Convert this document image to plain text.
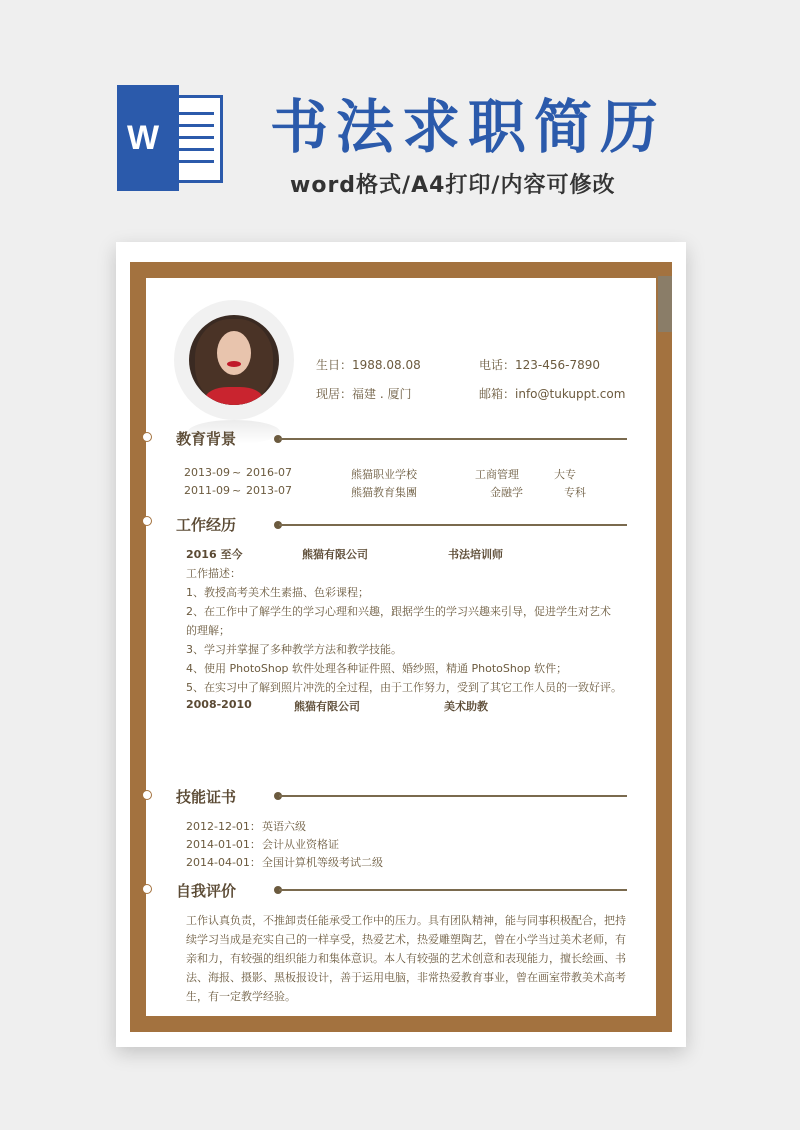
W 书法求职简历
word格式/A4打印/内容可修改
生日：1988.08.08	电话：123-456-7890
现居：福建 . 厦门	邮箱：info@tukuppt.com
教育背景
2013-09 ~ 2016-07	熊猫职业学校	工商管理	大专
2011-09 ~ 2013-07	熊猫教育集團	金融学	专科
工作经历
2016 至今	熊猫有限公司	书法培训师
工作描述：
1、教授高考美术生素描、色彩课程；
2、在工作中了解学生的学习心理和兴趣，跟据学生的学习兴趣来引导，促进学生对艺术
的理解；
3、学习并掌握了多种教学方法和教学技能。
4、使用 PhotoShop 软件处理各种证件照、婚纱照，精通 PhotoShop 软件；
5、在实习中了解到照片冲洗的全过程，由于工作努力，受到了其它工作人员的一致好评。
2008-2010	熊猫有限公司	美术助教
技能证书
2012-12-01： 英语六级
2014-01-01： 会计从业资格证
2014-04-01： 全国计算机等级考试二级
自我评价
工作认真负责，不推卸责任能承受工作中的压力。具有团队精神，能与同事积极配合，把持
续学习当成是充实自己的一样享受，热爱艺术，热爱雕塑陶艺，曾在小学当过美术老师，有
亲和力，有较强的组织能力和集体意识。本人有较强的艺术创意和表现能力，擅长绘画、书
法、海报、摄影、黑板报设计，善于运用电脑，非常热爱教育事业，曾在画室带教美术高考
生，有一定教学经验。
